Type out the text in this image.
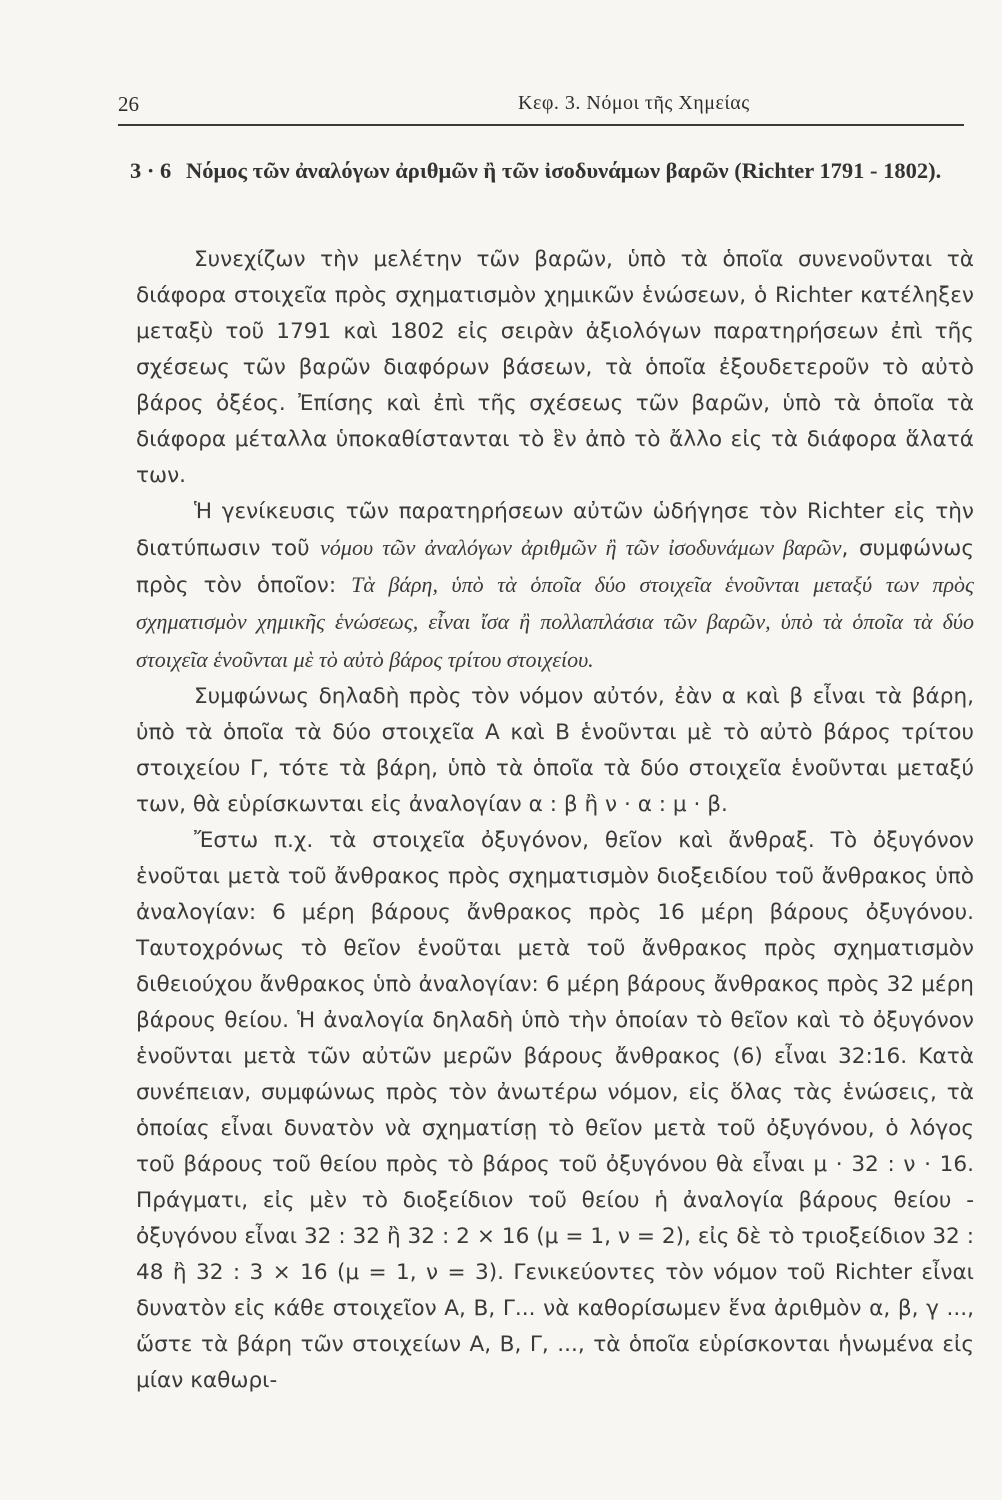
26	Κεφ. 3. Νόμοι τῆς Χημείας
3 · 6 Νόμος τῶν ἀναλόγων ἀριθμῶν ἢ τῶν ἰσοδυνάμων βαρῶν (Richter 1791 - 1802).

Συνεχίζων τὴν μελέτην τῶν βαρῶν, ὑπὸ τὰ ὁποῖα συνενοῦνται τὰ διάφορα στοιχεῖα πρὸς σχηματισμὸν χημικῶν ἑνώσεων, ὁ Richter κατέληξεν μεταξὺ τοῦ 1791 καὶ 1802 εἰς σειρὰν ἀξιολόγων παρατηρήσεων ἐπὶ τῆς σχέσεως τῶν βαρῶν διαφόρων βάσεων, τὰ ὁποῖα ἐξουδετεροῦν τὸ αὐτὸ βάρος ὀξέος. Ἐπίσης καὶ ἐπὶ τῆς σχέσεως τῶν βαρῶν, ὑπὸ τὰ ὁποῖα τὰ διάφορα μέταλλα ὑποκαθίστανται τὸ ἓν ἀπὸ τὸ ἄλλο εἰς τὰ διάφορα ἅλατά των.

Ἡ γενίκευσις τῶν παρατηρήσεων αὐτῶν ὡδήγησε τὸν Richter εἰς τὴν διατύπωσιν τοῦ νόμου τῶν ἀναλόγων ἀριθμῶν ἢ τῶν ἰσοδυνάμων βαρῶν, συμφώνως πρὸς τὸν ὁποῖον: Τὰ βάρη, ὑπὸ τὰ ὁποῖα δύο στοιχεῖα ἑνοῦνται μεταξύ των πρὸς σχηματισμὸν χημικῆς ἑνώσεως, εἶναι ἴσα ἢ πολλαπλάσια τῶν βαρῶν, ὑπὸ τὰ ὁποῖα τὰ δύο στοιχεῖα ἑνοῦνται μὲ τὸ αὐτὸ βάρος τρίτου στοιχείου.

Συμφώνως δηλαδὴ πρὸς τὸν νόμον αὐτόν, ἐὰν α καὶ β εἶναι τὰ βάρη, ὑπὸ τὰ ὁποῖα τὰ δύο στοιχεῖα Α καὶ Β ἑνοῦνται μὲ τὸ αὐτὸ βάρος τρίτου στοιχείου Γ, τότε τὰ βάρη, ὑπὸ τὰ ὁποῖα τὰ δύο στοιχεῖα ἑνοῦνται μεταξύ των, θὰ εὑρίσκωνται εἰς ἀναλογίαν α : β ἢ ν · α : μ · β.

Ἔστω π.χ. τὰ στοιχεῖα ὀξυγόνον, θεῖον καὶ ἄνθραξ. Τὸ ὀξυγόνον ἑνοῦται μετὰ τοῦ ἄνθρακος πρὸς σχηματισμὸν διοξειδίου τοῦ ἄνθρακος ὑπὸ ἀναλογίαν: 6 μέρη βάρους ἄνθρακος πρὸς 16 μέρη βάρους ὀξυγόνου. Ταυτοχρόνως τὸ θεῖον ἑνοῦται μετὰ τοῦ ἄνθρακος πρὸς σχηματισμὸν διθειούχου ἄνθρακος ὑπὸ ἀναλογίαν: 6 μέρη βάρους ἄνθρακος πρὸς 32 μέρη βάρους θείου. Ἡ ἀναλογία δηλαδὴ ὑπὸ τὴν ὁποίαν τὸ θεῖον καὶ τὸ ὀξυγόνον ἑνοῦνται μετὰ τῶν αὐτῶν μερῶν βάρους ἄνθρακος (6) εἶναι 32:16. Κατὰ συνέπειαν, συμφώνως πρὸς τὸν ἀνωτέρω νόμον, εἰς ὅλας τὰς ἑνώσεις, τὰ ὁποίας εἶναι δυνατὸν νὰ σχηματίσῃ τὸ θεῖον μετὰ τοῦ ὀξυγόνου, ὁ λόγος τοῦ βάρους τοῦ θείου πρὸς τὸ βάρος τοῦ ὀξυγόνου θὰ εἶναι μ · 32 : ν · 16. Πράγματι, εἰς μὲν τὸ διοξείδιον τοῦ θείου ἡ ἀναλογία βάρους θείου - ὀξυγόνου εἶναι 32 : 32 ἢ 32 : 2 × 16 (μ = 1, ν = 2), εἰς δὲ τὸ τριοξείδιον 32 : 48 ἢ 32 : 3 × 16 (μ = 1, ν = 3). Γενικεύοντες τὸν νόμον τοῦ Richter εἶναι δυνατὸν εἰς κάθε στοιχεῖον Α, Β, Γ... νὰ καθορίσωμεν ἕνα ἀριθμὸν α, β, γ ..., ὥστε τὰ βάρη τῶν στοιχείων Α, Β, Γ, ..., τὰ ὁποῖα εὑρίσκονται ἡνωμένα εἰς μίαν καθωρι-
